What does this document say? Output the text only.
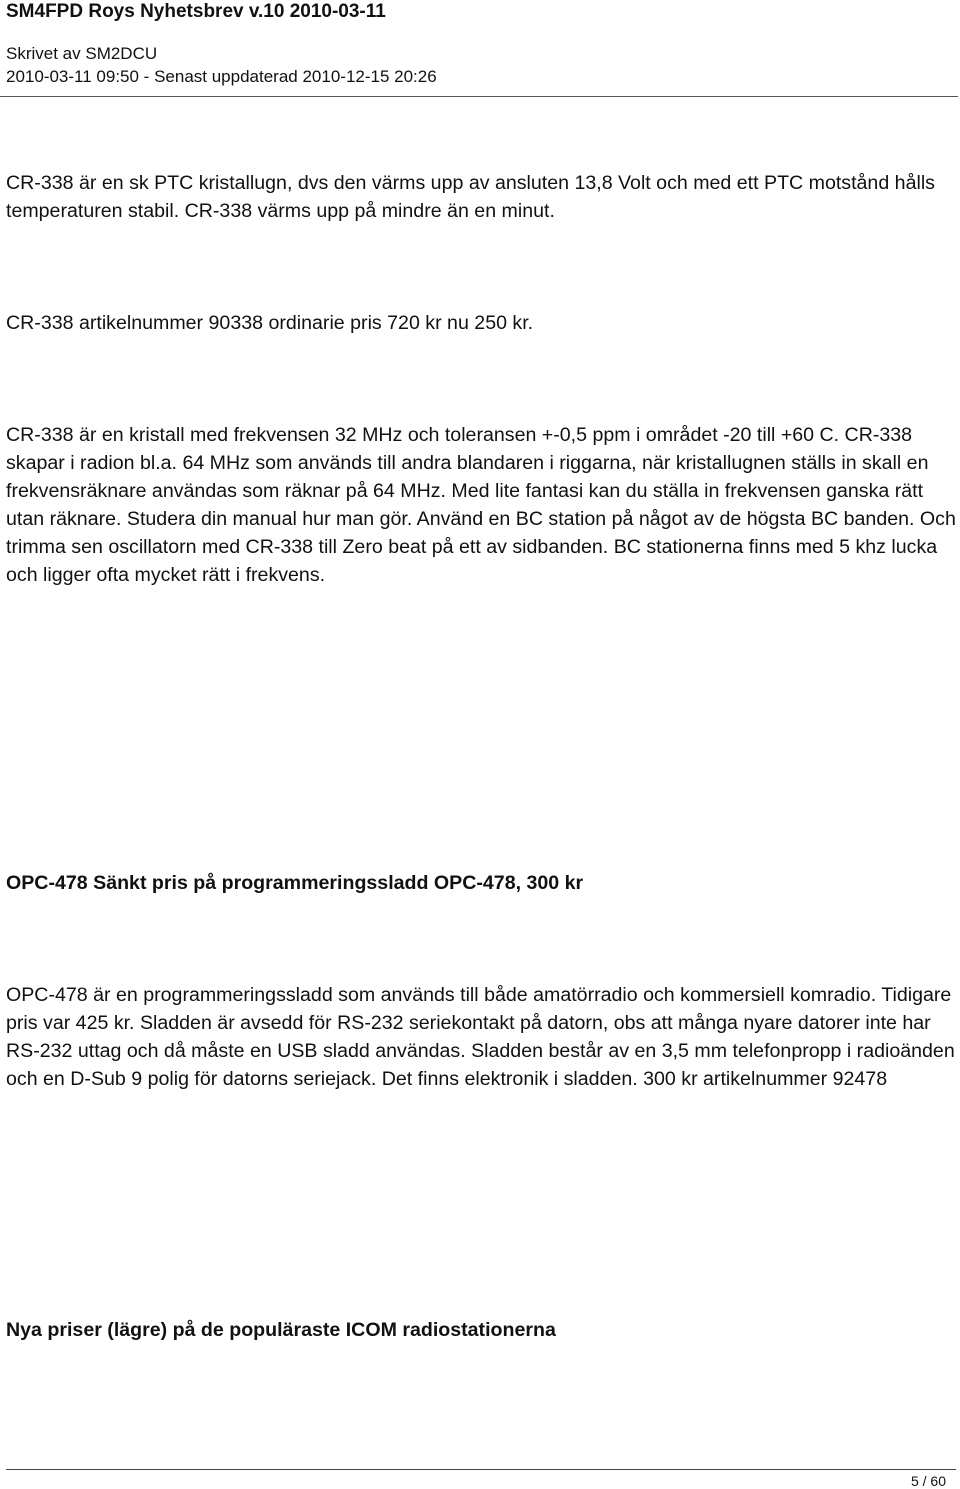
SM4FPD Roys Nyhetsbrev v.10 2010-03-11
Skrivet av SM2DCU
2010-03-11 09:50 - Senast uppdaterad 2010-12-15 20:26

CR-338 är en sk PTC kristallugn, dvs den värms upp av ansluten 13,8 Volt och med ett PTC motstånd hålls temperaturen stabil. CR-338 värms upp på mindre än en minut.

CR-338 artikelnummer 90338 ordinarie pris 720 kr nu 250 kr.

CR-338 är en kristall med frekvensen 32 MHz och toleransen +-0,5 ppm i området -20 till +60 C. CR-338 skapar i radion bl.a. 64 MHz som används till andra blandaren i riggarna, när kristallugnen ställs in skall en frekvensräknare användas som räknar på 64 MHz. Med lite fantasi kan du ställa in frekvensen ganska rätt utan räknare. Studera din manual hur man gör. Använd en BC station på något av de högsta BC banden. Och trimma sen oscillatorn med CR-338 till Zero beat på ett av sidbanden. BC stationerna finns med 5 khz lucka och ligger ofta mycket rätt i frekvens.

OPC-478 Sänkt pris på programmeringssladd OPC-478, 300 kr

OPC-478 är en programmeringssladd som används till både amatörradio och kommersiell komradio. Tidigare pris var 425 kr. Sladden är avsedd för RS-232 seriekontakt på datorn, obs att många nyare datorer inte har RS-232 uttag och då måste en USB sladd användas. Sladden består av en 3,5 mm telefonpropp i radioänden och en D-Sub 9 polig för datorns seriejack. Det finns elektronik i sladden. 300 kr artikelnummer 92478

Nya priser (lägre) på de populäraste ICOM radiostationerna
5 / 60
